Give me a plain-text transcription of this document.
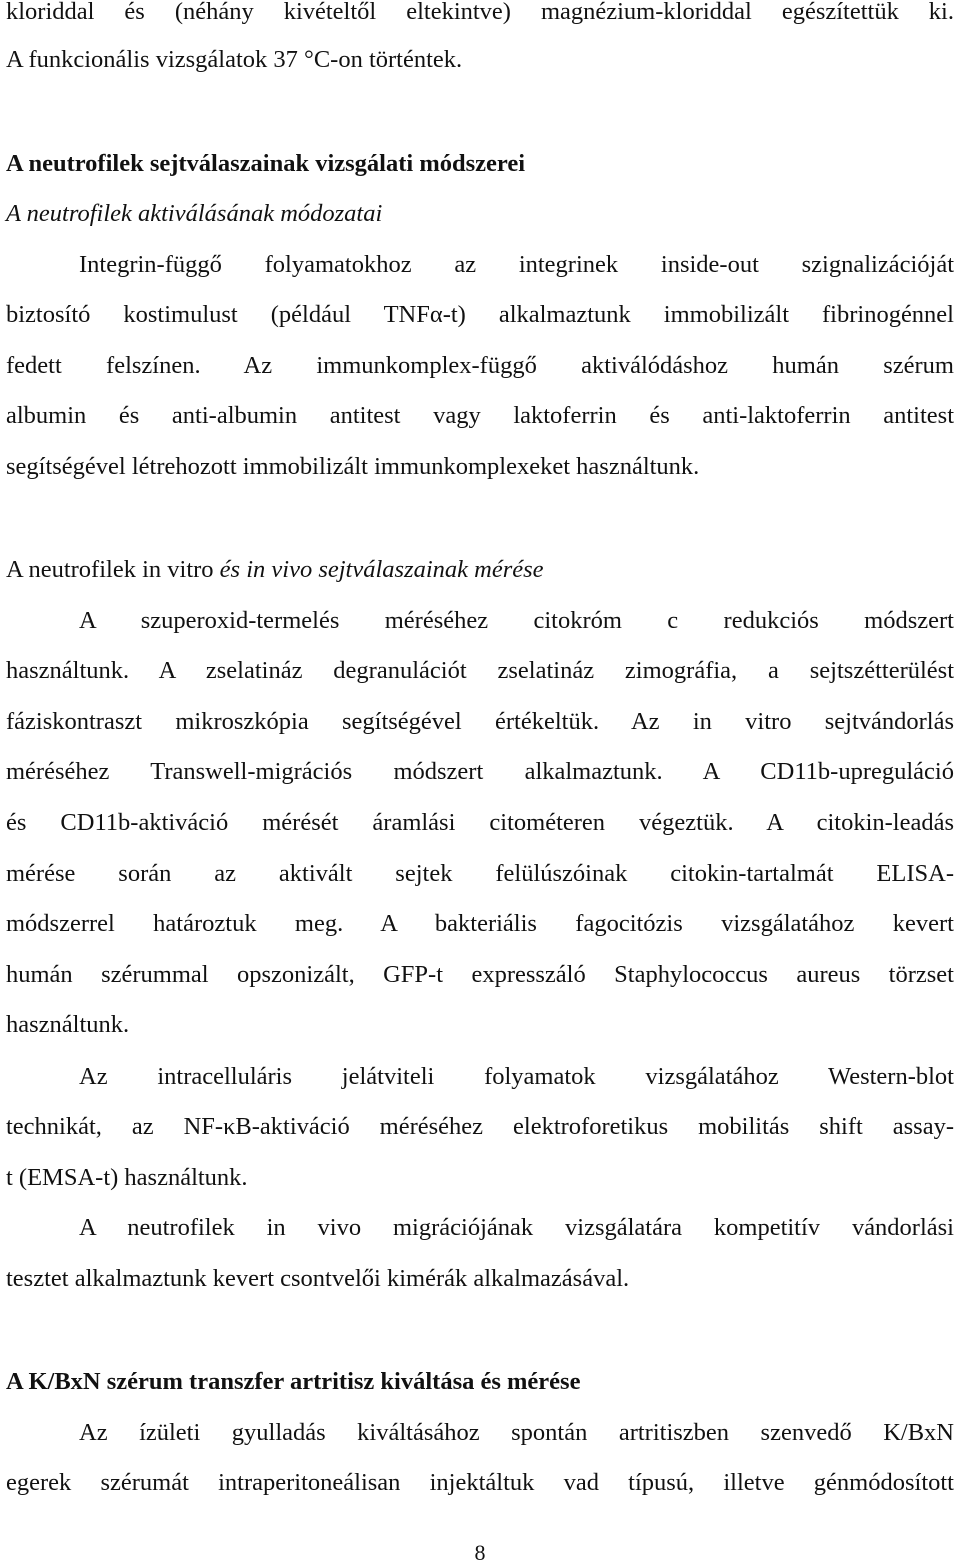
kloriddal és (néhány kivételtől eltekintve) magnézium-kloriddal egészítettük ki.
A funkcionális vizsgálatok 37 °C-on történtek.
A neutrofilek sejtválaszainak vizsgálati módszerei
A neutrofilek aktiválásának módozatai
Integrin-függő folyamatokhoz az integrinek inside-out szignalizációját
biztosító kostimulust (például TNFα-t) alkalmaztunk immobilizált fibrinogénnel
fedett felszínen. Az immunkomplex-függő aktiválódáshoz humán szérum
albumin és anti-albumin antitest vagy laktoferrin és anti-laktoferrin antitest
segítségével létrehozott immobilizált immunkomplexeket használtunk.
A neutrofilek in vitro és in vivo sejtválaszainak mérése
A szuperoxid-termelés méréséhez citokróm c redukciós módszert
használtunk. A zselatináz degranulációt zselatináz zimográfia, a sejtszétterülést
fáziskontraszt mikroszkópia segítségével értékeltük. Az in vitro sejtvándorlás
méréséhez Transwell-migrációs módszert alkalmaztunk. A CD11b-upreguláció
és CD11b-aktiváció mérését áramlási citométeren végeztük. A citokin-leadás
mérése során az aktivált sejtek felülúszóinak citokin-tartalmát ELISA-
módszerrel határoztuk meg. A bakteriális fagocitózis vizsgálatához kevert
humán szérummal opszonizált, GFP-t expresszáló Staphylococcus aureus törzset
használtunk.
Az intracelluláris jelátviteli folyamatok vizsgálatához Western-blot
technikát, az NF-κB-aktiváció méréséhez elektroforetikus mobilitás shift assay-
t (EMSA-t) használtunk.
A neutrofilek in vivo migrációjának vizsgálatára kompetitív vándorlási
tesztet alkalmaztunk kevert csontvelői kimérák alkalmazásával.
A K/BxN szérum transzfer artritisz kiváltása és mérése
Az ízületi gyulladás kiváltásához spontán artritiszben szenvedő K/BxN
egerek szérumát intraperitoneálisan injektáltuk vad típusú, illetve génmódosított
8
